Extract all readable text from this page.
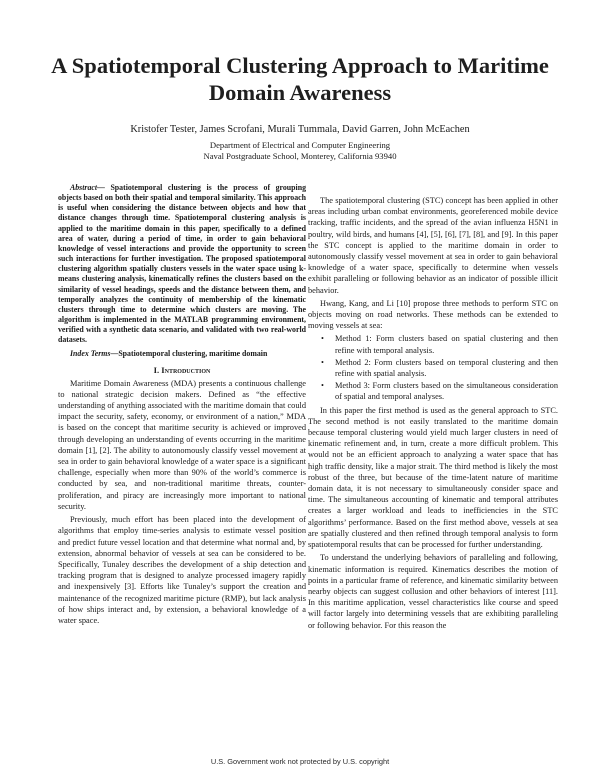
A Spatiotemporal Clustering Approach to Maritime Domain Awareness
Kristofer Tester, James Scrofani, Murali Tummala, David Garren, John McEachen
Department of Electrical and Computer Engineering
Naval Postgraduate School, Monterey, California 93940

Abstract— Spatiotemporal clustering is the process of grouping objects based on both their spatial and temporal similarity. This approach is useful when considering the distance between objects and how that distance changes through time. Spatiotemporal clustering analysis is applied to the maritime domain in this paper, specifically to a defined area of water, during a period of time, in order to gain behavioral knowledge of vessel interactions and provide the opportunity to screen such interactions for further investigation. The proposed spatiotemporal clustering algorithm spatially clusters vessels in the water space using k-means clustering analysis, kinematically refines the clusters based on the similarity of vessel headings, speeds and the distance between them, and temporally analyzes the continuity of membership of the kinematic clusters through time to determine which clusters are moving. The algorithm is implemented in the MATLAB programming environment, verified with a synthetic data scenario, and validated with two real-world datasets.

Index Terms—Spatiotemporal clustering, maritime domain

I. Introduction

Maritime Domain Awareness (MDA) presents a continuous challenge to national strategic decision makers. Defined as “the effective understanding of anything associated with the maritime domain that could impact the security, safety, economy, or environment of a nation,” MDA is based on the concept that maritime security is achieved or improved through developing an understanding of events occurring in the maritime domain [1], [2]. The ability to autonomously classify vessel movement at sea in order to gain behavioral knowledge of a water space is a significant challenge, especially when more than 90% of the world’s commerce is conducted by sea, and non-traditional maritime threats, counter-proliferation, and piracy are increasingly more important to national security.

Previously, much effort has been placed into the development of algorithms that employ time-series analysis to estimate vessel position and predict future vessel location and that determine what normal and, by extension, abnormal behavior of vessels at sea can be considered to be. Specifically, Tunaley describes the development of a ship detection and tracking program that is designed to analyze processed imagery rapidly and inexpensively [3]. Efforts like Tunaley’s support the creation and maintenance of the recognized maritime picture (RMP), but lack analysis of how ships interact and, by extension, a behavioral knowledge of a water space.

The spatiotemporal clustering (STC) concept has been applied in other areas including urban combat environments, georeferenced mobile device tracking, traffic incidents, and the spread of the avian influenza H5N1 in poultry, wild birds, and humans [4], [5], [6], [7], [8], and [9]. In this paper the STC concept is applied to the maritime domain in order to autonomously classify vessel movement at sea in order to gain behavioral knowledge of a water space, specifically to determine when vessels exhibit paralleling or following behavior as an indicator of possible illicit behavior.

Hwang, Kang, and Li [10] propose three methods to perform STC on objects moving on road networks. These methods can be extended to moving vessels at sea:

• Method 1: Form clusters based on spatial clustering and then refine with temporal analysis.
• Method 2: Form clusters based on temporal clustering and then refine with spatial analysis.
• Method 3: Form clusters based on the simultaneous consideration of spatial and temporal analyses.

In this paper the first method is used as the general approach to STC. The second method is not easily translated to the maritime domain because temporal clustering would yield much larger clusters in need of kinematic refinement and, in turn, create a more difficult problem. This would not be an efficient approach to analyzing a water space that has high traffic density, like a major strait. The third method is likely the most robust of the three, but because of the time-latent nature of maritime domain data, it is not necessary to simultaneously consider space and time. The simultaneous accounting of kinematic and temporal attributes creates a larger workload and leads to inefficiencies in the STC algorithms’ performance. Based on the first method above, vessels at sea are spatially clustered and then refined through temporal analysis to form spatiotemporal results that can be processed for further understanding.

To understand the underlying behaviors of paralleling and following, kinematic information is required. Kinematics describes the motion of points in a particular frame of reference, and kinematic similarity between nearby objects can suggest collusion and other behaviors of interest [11]. In this maritime application, vessel characteristics like course and speed will factor largely into determining vessels that are exhibiting paralleling or following behavior. For this reason the

U.S. Government work not protected by U.S. copyright
